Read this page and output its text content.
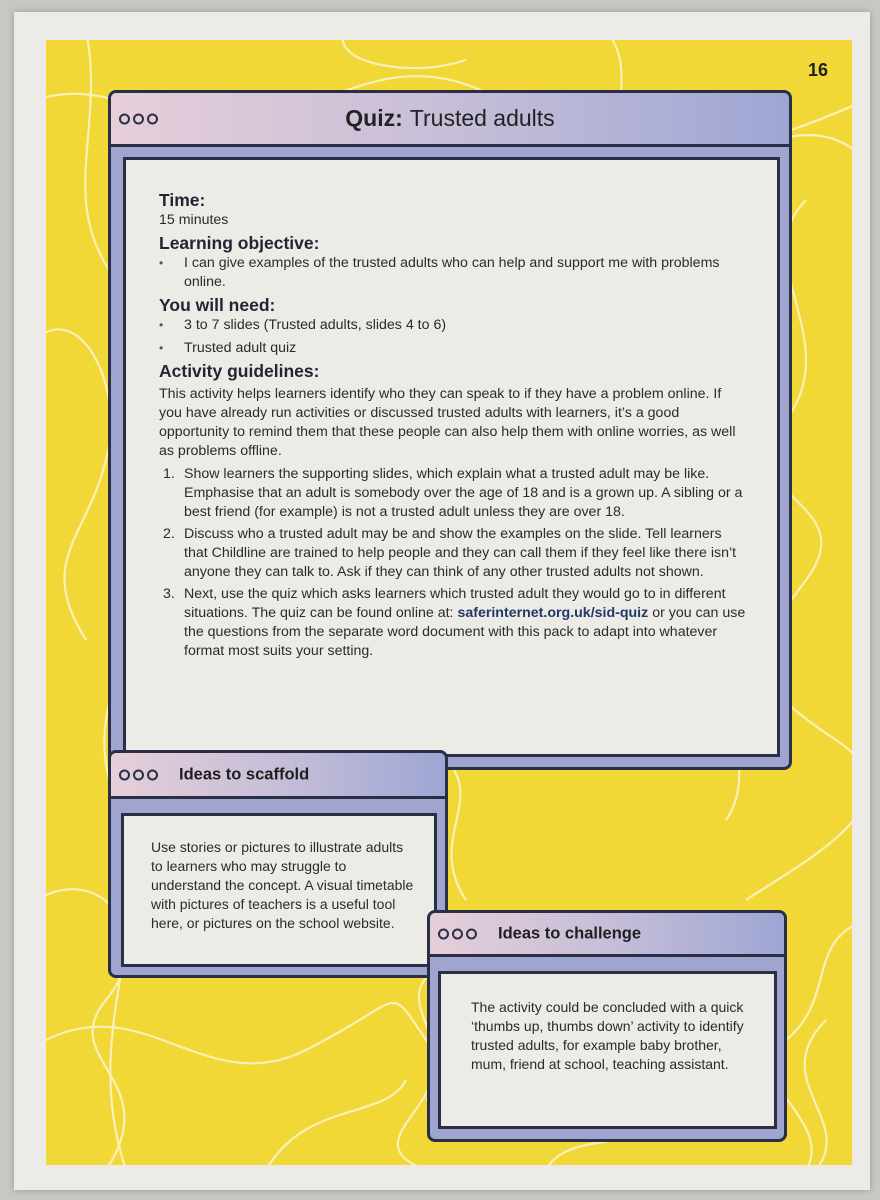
16
Quiz: Trusted adults
Time:

15 minutes

Learning objective:
• I can give examples of the trusted adults who can help and support me with problems online.
You will need:
• 3 to 7 slides (Trusted adults, slides 4 to 6)
• Trusted adult quiz
Activity guidelines:

This activity helps learners identify who they can speak to if they have a problem online. If you have already run activities or discussed trusted adults with learners, it’s a good opportunity to remind them that these people can also help them with online worries, as well as problems offline.

1. Show learners the supporting slides, which explain what a trusted adult may be like. Emphasise that an adult is somebody over the age of 18 and is a grown up. A sibling or a best friend (for example) is not a trusted adult unless they are over 18.
2. Discuss who a trusted adult may be and show the examples on the slide. Tell learners that Childline are trained to help people and they can call them if they feel like there isn’t anyone they can talk to. Ask if they can think of any other trusted adults not shown.
3. Next, use the quiz which asks learners which trusted adult they would go to in different situations. The quiz can be found online at: saferinternet.org.uk/sid-quiz or you can use the questions from the separate word document with this pack to adapt into whatever format most suits your setting.
Ideas to scaffold

Use stories or pictures to illustrate adults to learners who may struggle to understand the concept. A visual timetable with pictures of teachers is a useful tool here, or pictures on the school website.

Ideas to challenge

The activity could be concluded with a quick ‘thumbs up, thumbs down’ activity to identify trusted adults, for example baby brother, mum, friend at school, teaching assistant.
